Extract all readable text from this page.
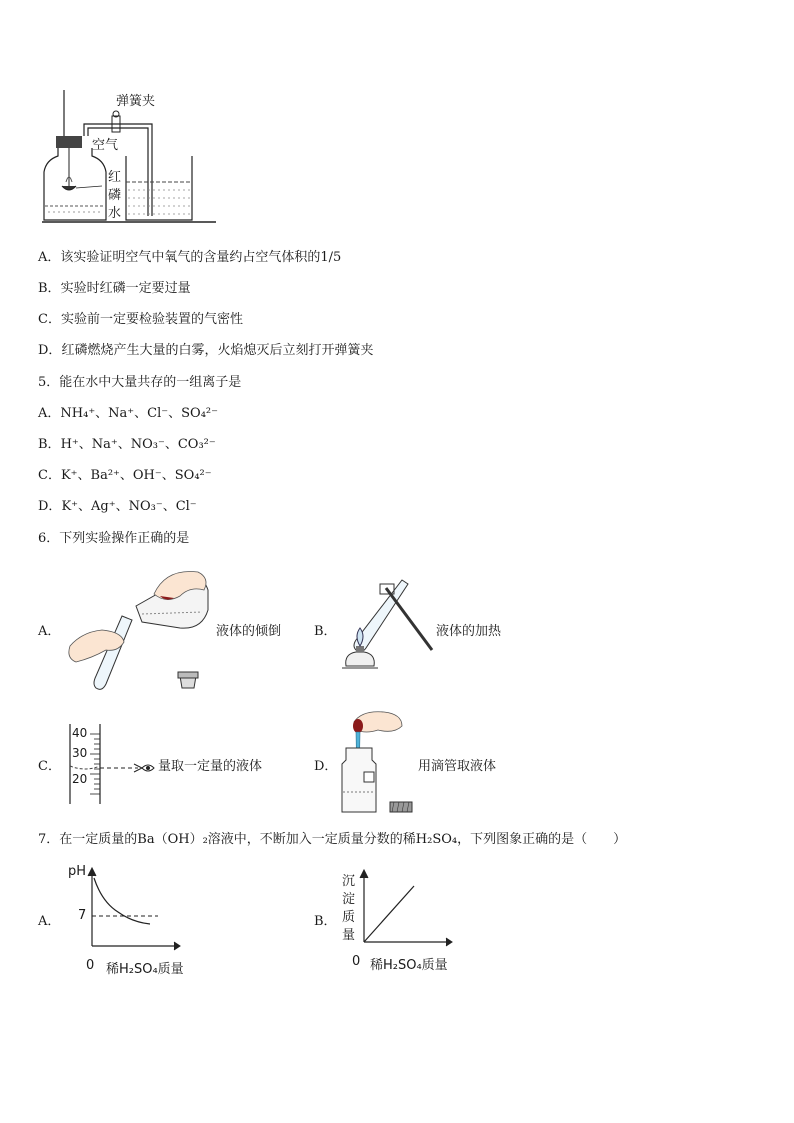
弹簧夹
空气
红
磷
水
A．该实验证明空气中氧气的含量约占空气体积的1/5
B．实验时红磷一定要过量
C．实验前一定要检验装置的气密性
D．红磷燃烧产生大量的白雾，火焰熄灭后立刻打开弹簧夹
5．能在水中大量共存的一组离子是
A．NH₄⁺、Na⁺、Cl⁻、SO₄²⁻
B．H⁺、Na⁺、NO₃⁻、CO₃²⁻
C．K⁺、Ba²⁺、OH⁻、SO₄²⁻
D．K⁺、Ag⁺、NO₃⁻、Cl⁻
6．下列实验操作正确的是
A．	液体的倾倒	B．	液体的加热
C．
40
30
20
量取一定量的液体	D．	用滴管取液体
7．在一定质量的Ba（OH）₂溶液中，不断加入一定质量分数的稀H₂SO₄，下列图象正确的是（　　）
A．
pH
7
0 稀H₂SO₄质量
B．
沉
淀
质
量
0 稀H₂SO₄质量
